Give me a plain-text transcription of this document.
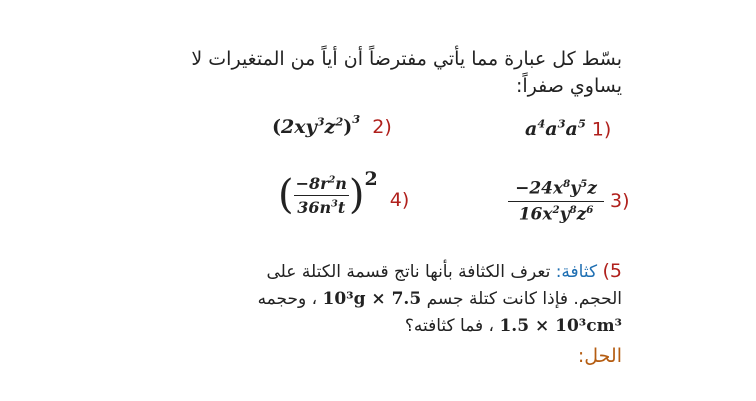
بسّط كل عبارة مما يأتي مفترضاً أن أياً من المتغيرات لا يساوي صفراً:
$a^4a^3a^5$ 1)
$(2xy^3z^2)^3$ 2)
$\frac{-24x^8y^5z}{16x^2y^8z^6} 3$)
( $\frac{-8r^2n}{36n^3t}$ ) 2
4)
5) كثافة: تعرف الكثافة بأنها ناتج قسمة الكتلة على
الحجم. فإذا كانت كتلة جسم 10³g × 7.5 ، وحجمه
1.5 × 10³cm³ ، فما كثافته؟
الحل:
